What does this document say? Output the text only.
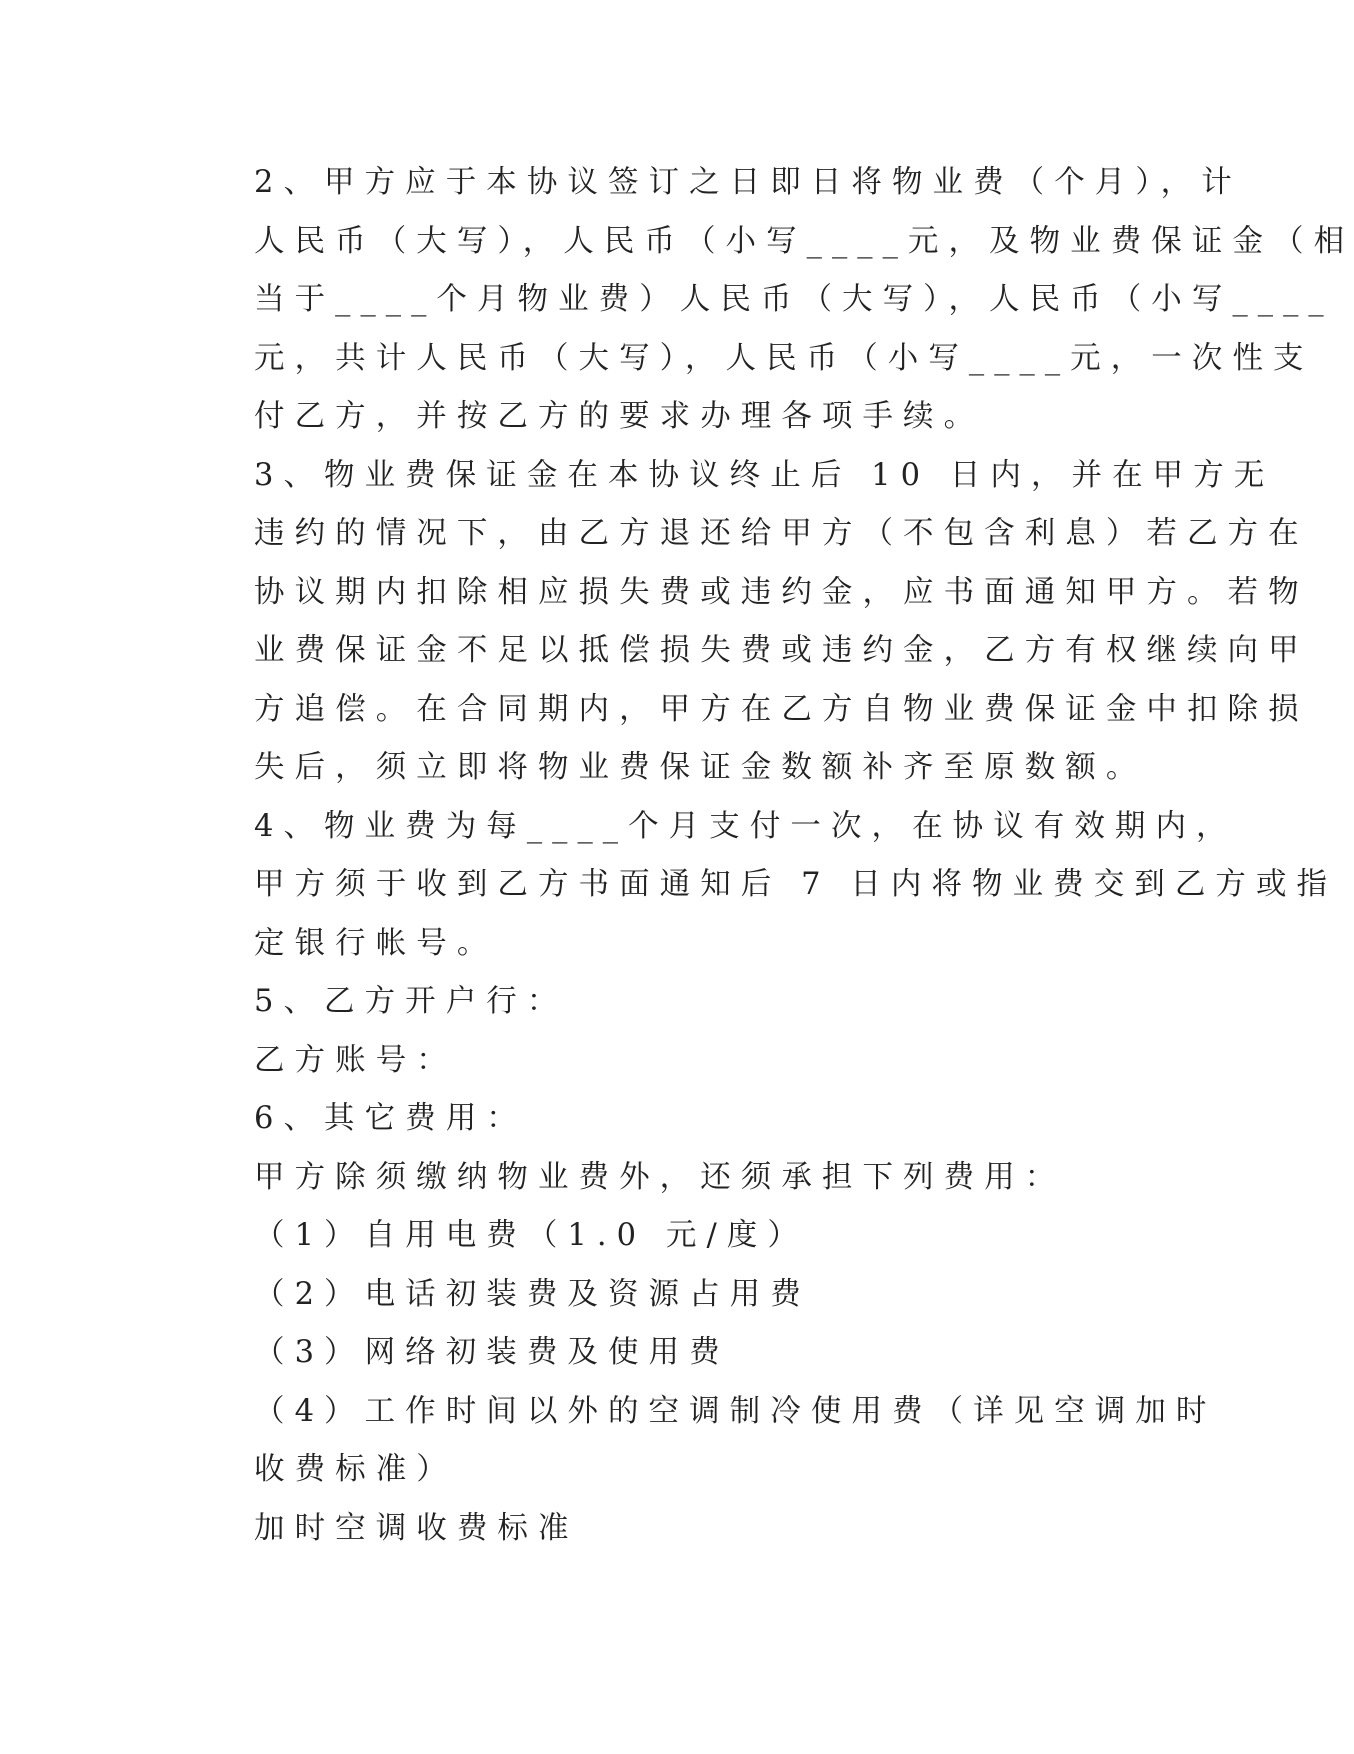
2、甲方应于本协议签订之日即日将物业费（个月），计
人民币（大写），人民币（小写____元，及物业费保证金（相
当于____个月物业费）人民币（大写），人民币（小写____
元，共计人民币（大写），人民币（小写____元，一次性支
付乙方，并按乙方的要求办理各项手续。

3、物业费保证金在本协议终止后 10 日内，并在甲方无
违约的情况下，由乙方退还给甲方（不包含利息）若乙方在
协议期内扣除相应损失费或违约金，应书面通知甲方。若物
业费保证金不足以抵偿损失费或违约金，乙方有权继续向甲
方追偿。在合同期内，甲方在乙方自物业费保证金中扣除损
失后，须立即将物业费保证金数额补齐至原数额。

4、物业费为每____个月支付一次，在协议有效期内，
甲方须于收到乙方书面通知后 7 日内将物业费交到乙方或指
定银行帐号。

5、乙方开户行：

乙方账号：

6、其它费用：

甲方除须缴纳物业费外，还须承担下列费用：

（1）自用电费（1.0 元/度）

（2）电话初装费及资源占用费

（3）网络初装费及使用费

（4）工作时间以外的空调制冷使用费（详见空调加时
收费标准）

加时空调收费标准
